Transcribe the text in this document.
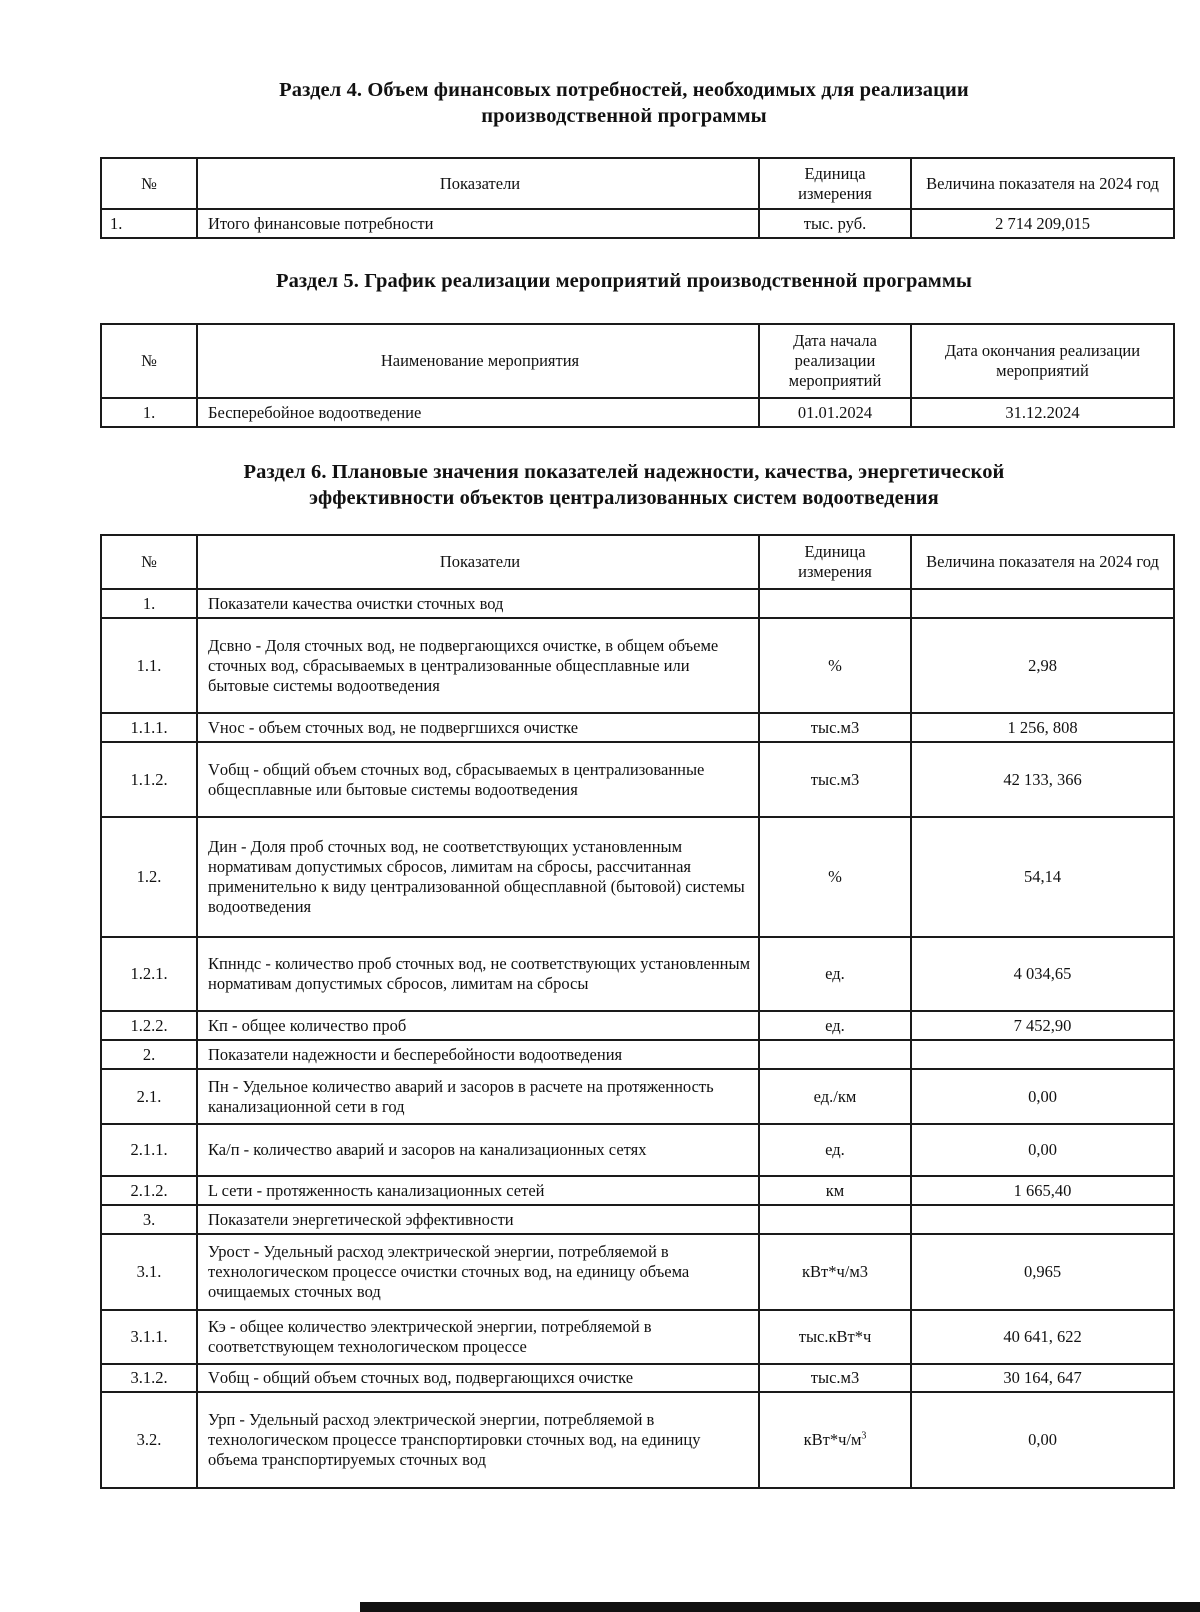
Раздел 4. Объем финансовых потребностей, необходимых для реализации
производственной программы
№	Показатели	Единица измерения	Величина показателя на 2024 год
1.	Итого финансовые потребности	тыс. руб.	2 714 209,015
Раздел 5. График реализации мероприятий производственной программы
№	Наименование мероприятия	Дата начала реализации мероприятий	Дата окончания реализации мероприятий
1.	Бесперебойное водоотведение	01.01.2024	31.12.2024
Раздел 6. Плановые значения показателей надежности, качества, энергетической
эффективности объектов централизованных систем водоотведения
№	Показатели	Единица измерения	Величина показателя на 2024 год
1.	Показатели качества очистки сточных вод		
1.1.	Дсвно - Доля сточных вод, не подвергающихся очистке, в общем объеме сточных вод, сбрасываемых в централизованные общесплавные или бытовые системы водоотведения	%	2,98
1.1.1.	Vнос - объем сточных вод, не подвергшихся очистке	тыс.м3	1 256, 808
1.1.2.	Vобщ - общий объем сточных вод, сбрасываемых в централизованные общесплавные или бытовые системы водоотведения	тыс.м3	42 133, 366
1.2.	Дин - Доля проб сточных вод, не соответствующих установленным нормативам допустимых сбросов, лимитам на сбросы, рассчитанная применительно к виду централизованной общесплавной (бытовой) системы водоотведения	%	54,14
1.2.1.	Кпнндс - количество проб сточных вод, не соответствующих установленным нормативам допустимых сбросов, лимитам на сбросы	ед.	4 034,65
1.2.2.	Кп - общее количество проб	ед.	7 452,90
2.	Показатели надежности и бесперебойности водоотведения		
2.1.	Пн - Удельное количество аварий и засоров в расчете на протяженность канализационной сети в год	ед./км	0,00
2.1.1.	Ка/п - количество аварий и засоров на канализационных сетях	ед.	0,00
2.1.2.	L сети - протяженность канализационных сетей	км	1 665,40
3.	Показатели энергетической эффективности		
3.1.	Урост - Удельный расход электрической энергии, потребляемой в технологическом процессе очистки сточных вод, на единицу объема очищаемых сточных вод	кВт*ч/м3	0,965
3.1.1.	Кэ - общее количество электрической энергии, потребляемой в соответствующем технологическом процессе	тыс.кВт*ч	40 641, 622
3.1.2.	Vобщ - общий объем сточных вод, подвергающихся очистке	тыс.м3	30 164, 647
3.2.	Урп - Удельный расход электрической энергии, потребляемой в технологическом процессе транспортировки сточных вод, на единицу объема транспортируемых сточных вод	$кВт*ч/м^3$	0,00
